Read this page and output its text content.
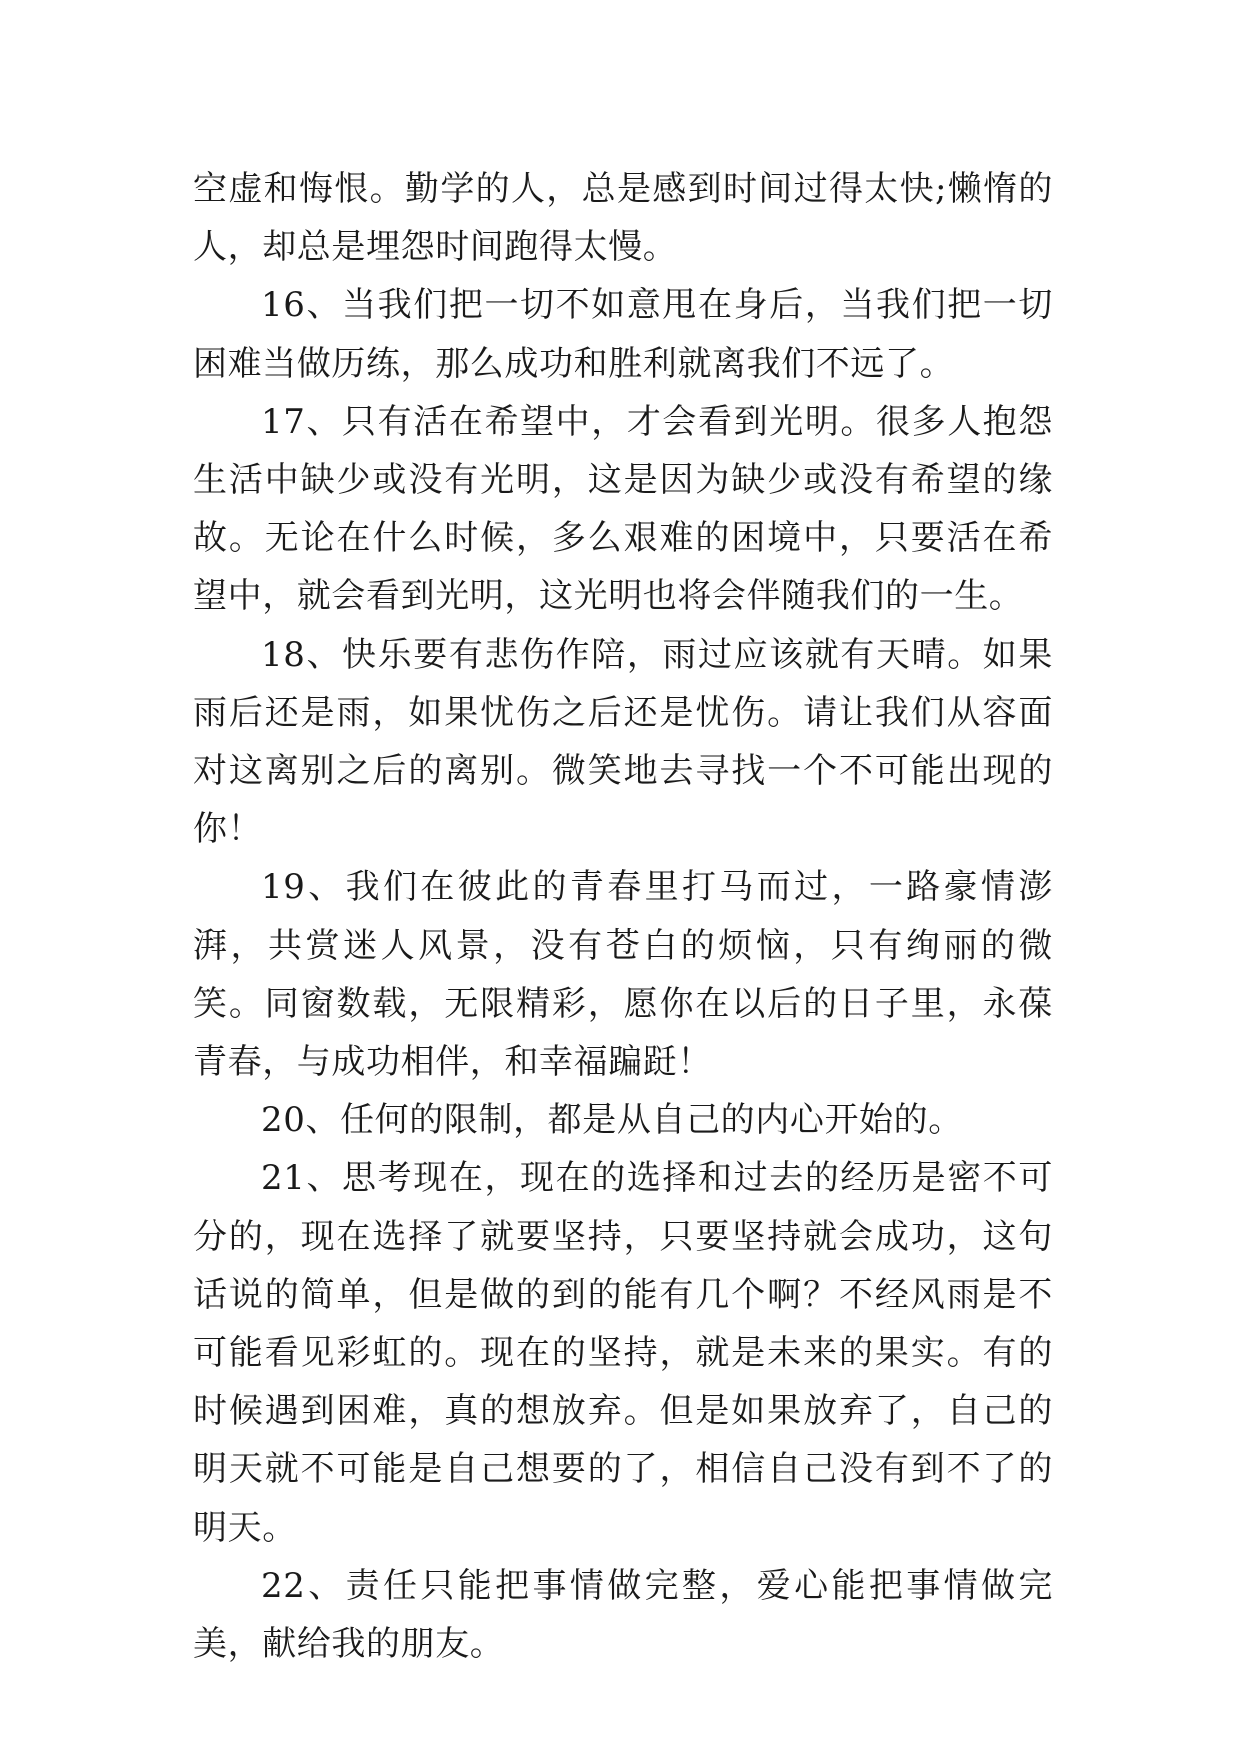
空虚和悔恨。勤学的人，总是感到时间过得太快;懒惰的人，却总是埋怨时间跑得太慢。

16、当我们把一切不如意甩在身后，当我们把一切困难当做历练，那么成功和胜利就离我们不远了。

17、只有活在希望中，才会看到光明。很多人抱怨生活中缺少或没有光明，这是因为缺少或没有希望的缘故。无论在什么时候，多么艰难的困境中，只要活在希望中，就会看到光明，这光明也将会伴随我们的一生。

18、快乐要有悲伤作陪，雨过应该就有天晴。如果雨后还是雨，如果忧伤之后还是忧伤。请让我们从容面对这离别之后的离别。微笑地去寻找一个不可能出现的你！

19、我们在彼此的青春里打马而过，一路豪情澎湃，共赏迷人风景，没有苍白的烦恼，只有绚丽的微笑。同窗数载，无限精彩，愿你在以后的日子里，永葆青春，与成功相伴，和幸福蹁跹！

20、任何的限制，都是从自己的内心开始的。

21、思考现在，现在的选择和过去的经历是密不可分的，现在选择了就要坚持，只要坚持就会成功，这句话说的简单，但是做的到的能有几个啊？不经风雨是不可能看见彩虹的。现在的坚持，就是未来的果实。有的时候遇到困难，真的想放弃。但是如果放弃了，自己的明天就不可能是自己想要的了，相信自己没有到不了的明天。

22、责任只能把事情做完整，爱心能把事情做完美，献给我的朋友。
